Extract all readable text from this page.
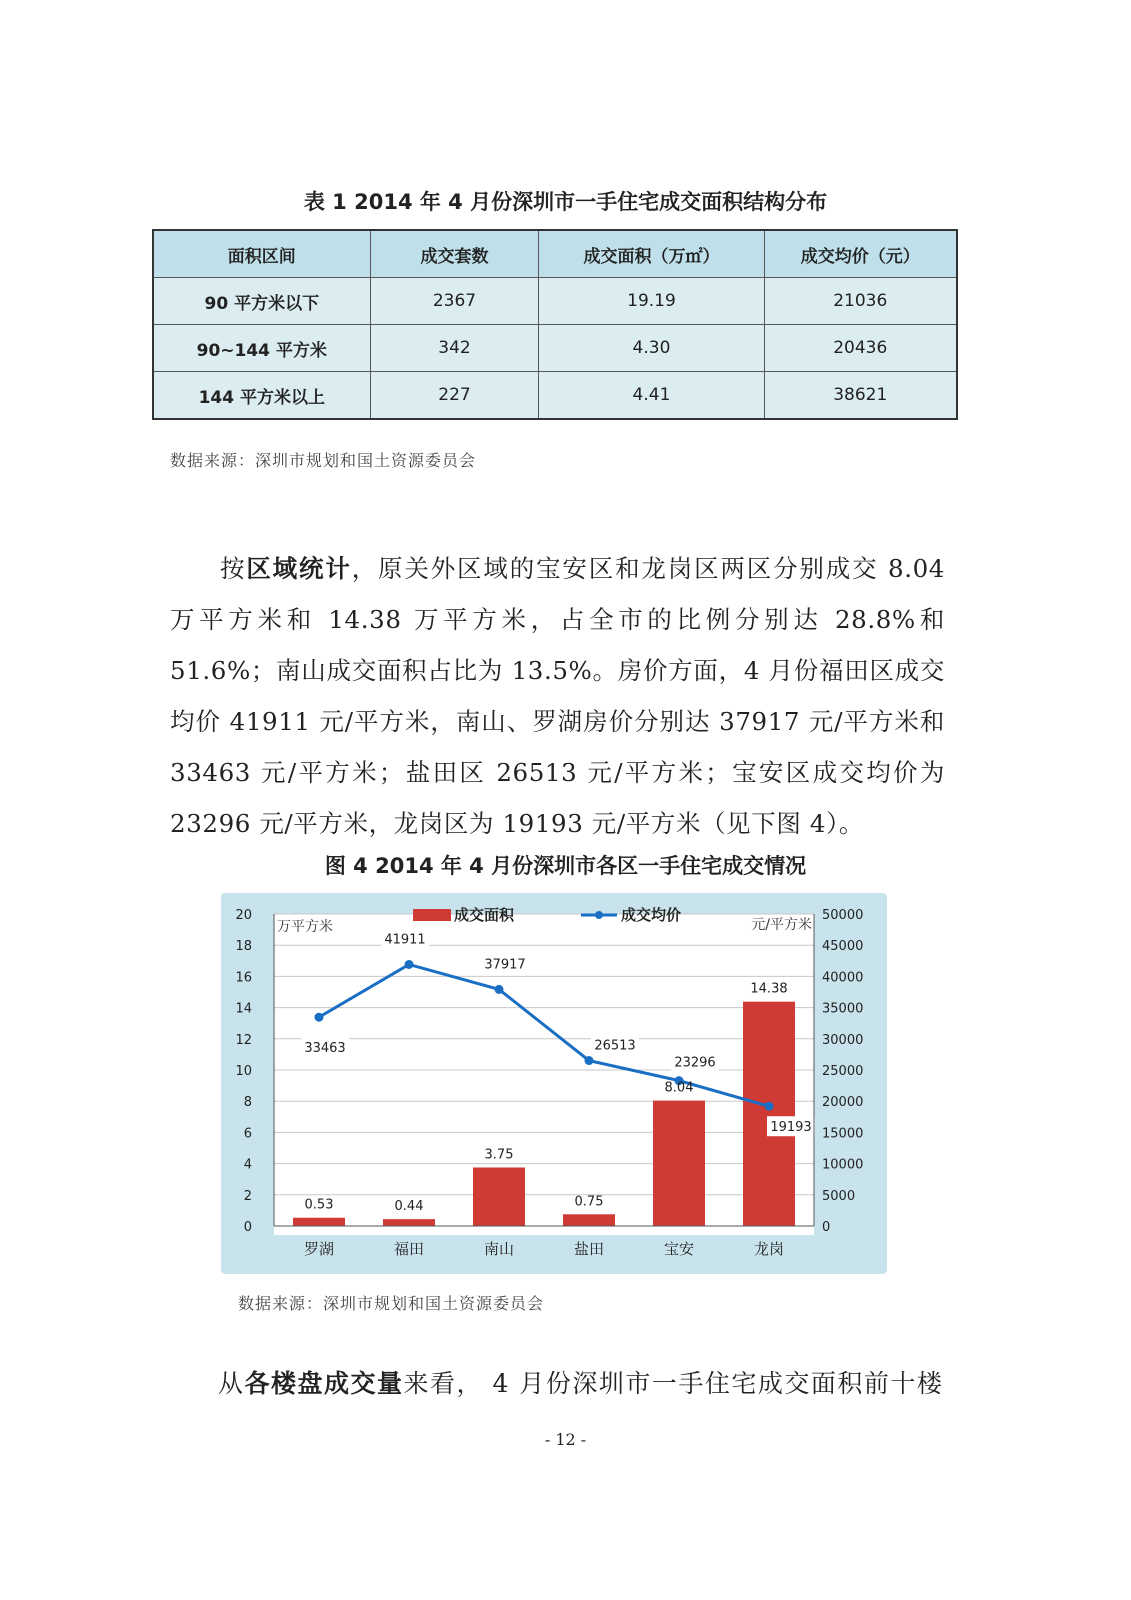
表 1 2014 年 4 月份深圳市一手住宅成交面积结构分布
面积区间	成交套数	成交面积（万㎡）	成交均价（元）
90 平方米以下	2367	19.19	21036
90~144 平方米	342	4.30	20436
144 平方米以上	227	4.41	38621
数据来源：深圳市规划和国土资源委员会

按区域统计，原关外区域的宝安区和龙岗区两区分别成交 8.04 万平方米和 14.38 万平方米，占全市的比例分别达 28.8%和 51.6%；南山成交面积占比为 13.5%。房价方面，4 月份福田区成交均价 41911 元/平方米，南山、罗湖房价分别达 37917 元/平方米和 33463 元/平方米；盐田区 26513 元/平方米；宝安区成交均价为 23296 元/平方米，龙岗区为 19193 元/平方米（见下图 4）。

图 4 2014 年 4 月份深圳市各区一手住宅成交情况
0.53	0.44
3.75
0.75
8.04
14.38
33463
41911
37917
26513
23296
19193
0	0
2	5000
4	10000
6	15000
8	20000
10	25000
12	30000
14	35000
16	40000
18	45000
20	50000
万平方米	元/平方米
罗湖	福田	南山	盐田	宝安	龙岗
成交面积	成交均价
数据来源：深圳市规划和国土资源委员会
从各楼盘成交量来看， 4 月份深圳市一手住宅成交面积前十楼
- 12 -
